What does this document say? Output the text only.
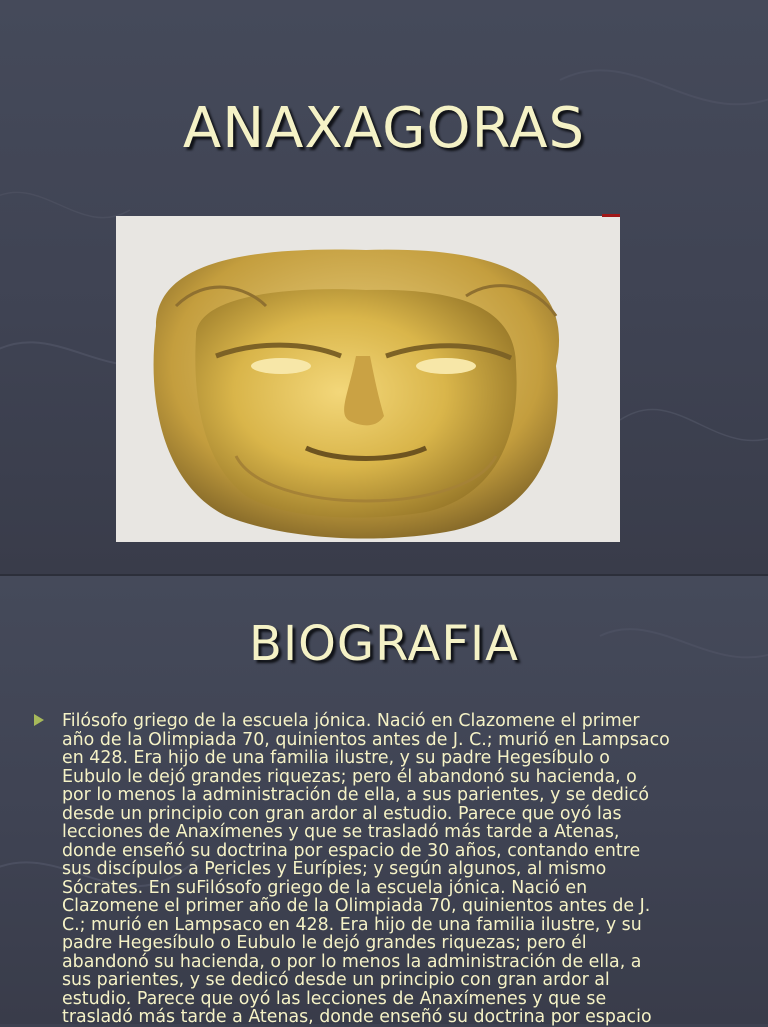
ANAXAGORAS
BIOGRAFIA

Filósofo griego de la escuela jónica. Nació en Clazomene el primer
año de la Olimpiada 70, quinientos antes de J. C.; murió en Lampsaco
en 428. Era hijo de una familia ilustre, y su padre Hegesíbulo o
Eubulo le dejó grandes riquezas; pero él abandonó su hacienda, o
por lo menos la administración de ella, a sus parientes, y se dedicó
desde un principio con gran ardor al estudio. Parece que oyó las
lecciones de Anaxímenes y que se trasladó más tarde a Atenas,
donde enseñó su doctrina por espacio de 30 años, contando entre
sus discípulos a Pericles y Eurípies; y según algunos, al mismo
Sócrates. En suFilósofo griego de la escuela jónica. Nació en
Clazomene el primer año de la Olimpiada 70, quinientos antes de J.
C.; murió en Lampsaco en 428. Era hijo de una familia ilustre, y su
padre Hegesíbulo o Eubulo le dejó grandes riquezas; pero él
abandonó su hacienda, o por lo menos la administración de ella, a
sus parientes, y se dedicó desde un principio con gran ardor al
estudio. Parece que oyó las lecciones de Anaxímenes y que se
trasladó más tarde a Atenas, donde enseñó su doctrina por espacio
